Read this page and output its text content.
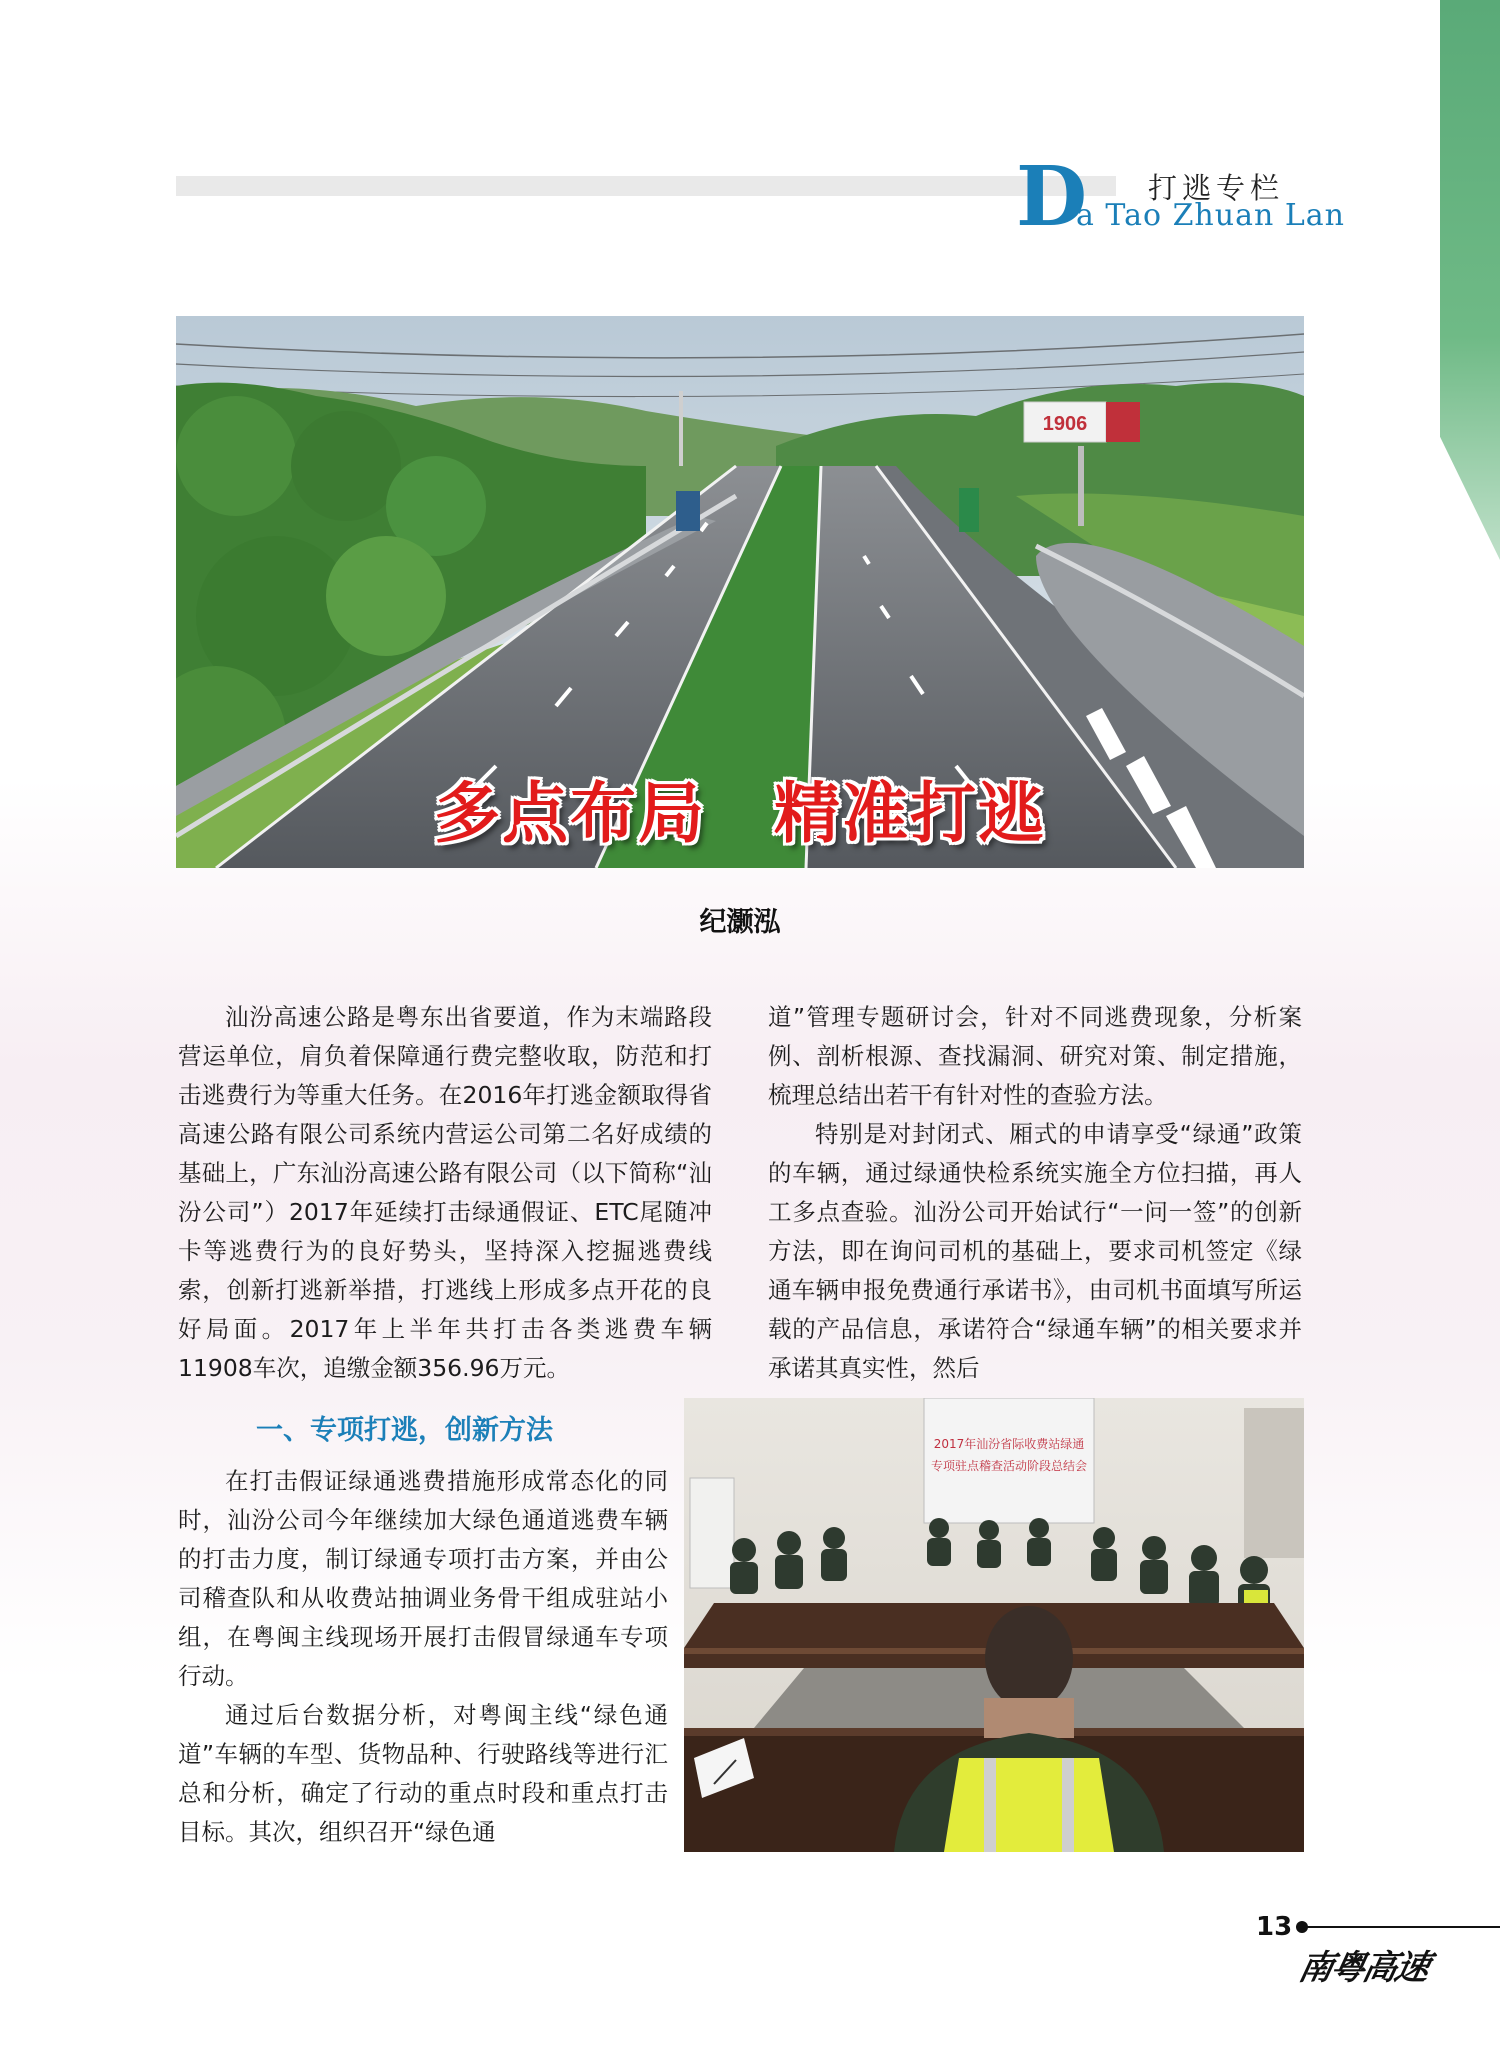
D 打逃专栏
a Tao Zhuan Lan
1906
多点布局　精准打逃
纪灏泓

汕汾高速公路是粤东出省要道，作为末端路段营运单位，肩负着保障通行费完整收取，防范和打击逃费行为等重大任务。在2016年打逃金额取得省高速公路有限公司系统内营运公司第二名好成绩的基础上，广东汕汾高速公路有限公司（以下简称“汕汾公司”）2017年延续打击绿通假证、ETC尾随冲卡等逃费行为的良好势头，坚持深入挖掘逃费线索，创新打逃新举措，打逃线上形成多点开花的良好局面。2017年上半年共打击各类逃费车辆11908车次，追缴金额356.96万元。

一、专项打逃，创新方法

在打击假证绿通逃费措施形成常态化的同时，汕汾公司今年继续加大绿色通道逃费车辆的打击力度，制订绿通专项打击方案，并由公司稽查队和从收费站抽调业务骨干组成驻站小组，在粤闽主线现场开展打击假冒绿通车专项行动。

通过后台数据分析，对粤闽主线“绿色通道”车辆的车型、货物品种、行驶路线等进行汇总和分析，确定了行动的重点时段和重点打击目标。其次，组织召开“绿色通

道”管理专题研讨会，针对不同逃费现象，分析案例、剖析根源、查找漏洞、研究对策、制定措施，梳理总结出若干有针对性的查验方法。

特别是对封闭式、厢式的申请享受“绿通”政策的车辆，通过绿通快检系统实施全方位扫描，再人工多点查验。汕汾公司开始试行“一问一签”的创新方法，即在询问司机的基础上，要求司机签定《绿通车辆申报免费通行承诺书》，由司机书面填写所运载的产品信息，承诺符合“绿通车辆”的相关要求并承诺其真实性，然后

2017年汕汾省际收费站绿通
专项驻点稽查活动阶段总结会
13
南粤高速
